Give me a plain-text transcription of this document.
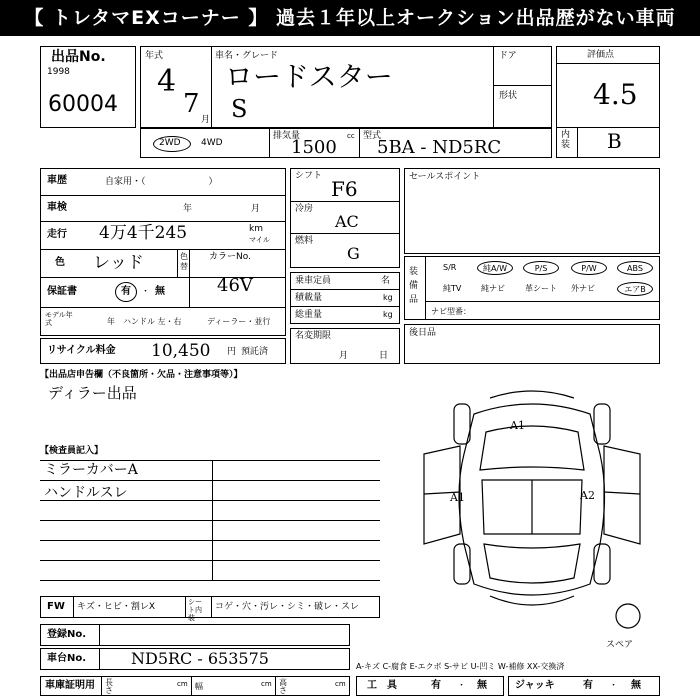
【 トレタマEXコーナー 】 過去１年以上オークション出品歴がない車両
出品No.
1998
60004
年式
4
7
月
車名・グレード
ロードスター
S
ドア
形状
評価点
4.5
内装 B
2WD 4WD
排気量	cc
1500
型式
5BA - ND5RC
車歴	自家用・（　　　　　　　）
車検	年	月
走行 4万4千245	km
マイル
色 レッド	色替
カラーNo.
46V
保証書	有 ・ 無
モデル年式	年 ハンドル 左・右	ディーラー・並行
リサイクル料金 10,450 円 預託済
シフト
F6
冷房
AC
燃料
G
乗車定員	名
積載量	kg
総重量	kg
名変期限
月	日
セールスポイント
装備品
S/R	純A/W	P/S	P/W	ABS
純TV 純ナビ	革シート 外ナビ	エアB
ナビ型番：
後日品
【出品店申告欄（不良箇所・欠品・注意事項等）】
ディラー出品
【検査員記入】
ミラーカバーA
ハンドルスレ
A1
A1	A2
スペア
FW キズ・ヒビ・割レX	シート内装
コゲ・穴・汚レ・シミ・破レ・スレ
登録No.
車台No.	ND5RC - 653575	A-キズ C-腐食 E-エクボ S-サビ U-凹ミ W-補修 XX-交換済
車庫証明用 長さ
cm 幅	cm 高さ
cm 工具 有 ・ 無	ジャッキ	有 ・ 無
